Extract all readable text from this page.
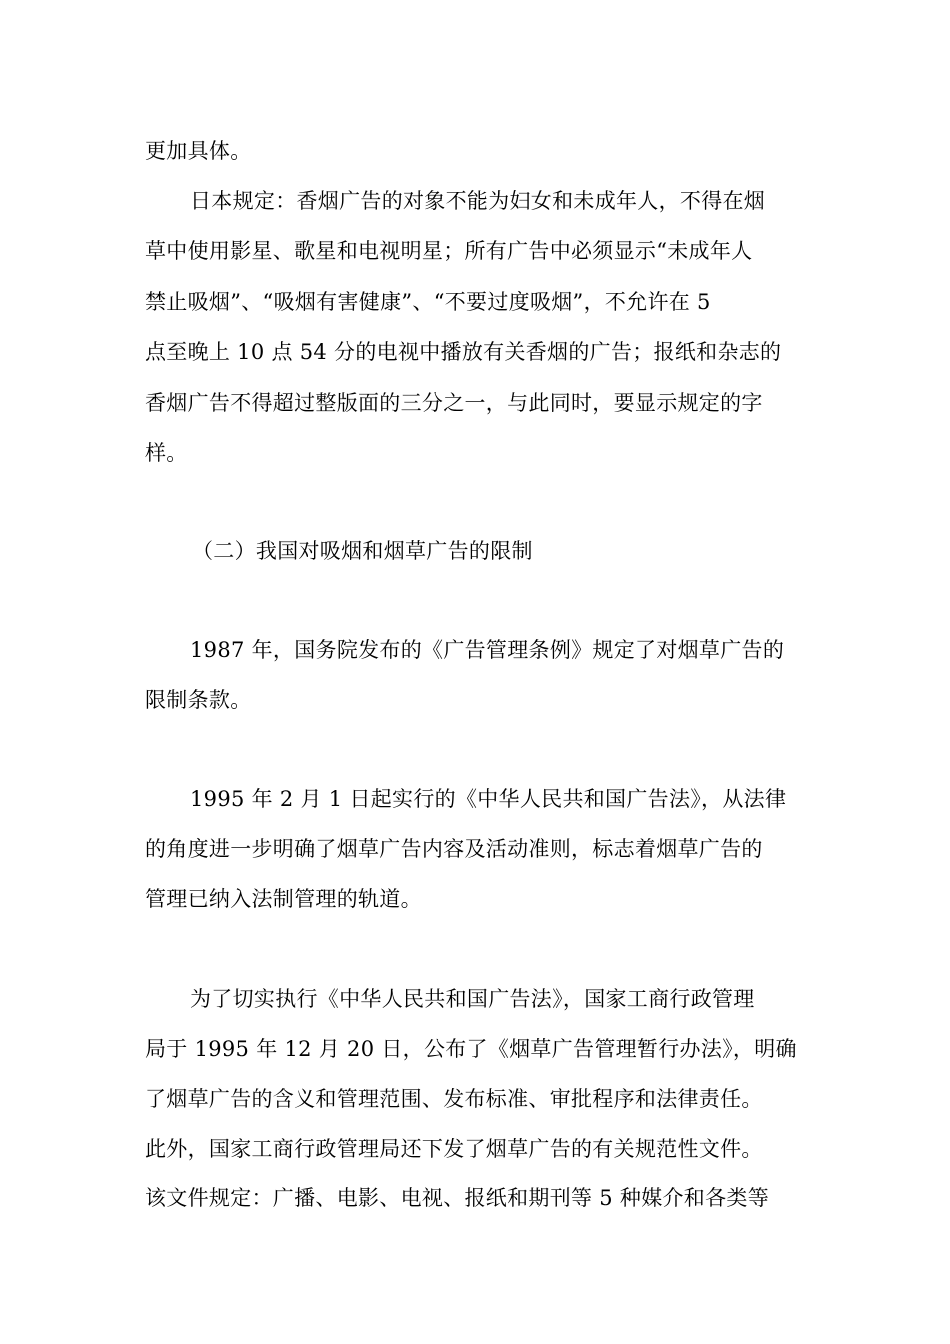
更加具体。
日本规定：香烟广告的对象不能为妇女和未成年人，不得在烟
草中使用影星、歌星和电视明星；所有广告中必须显示“未成年人
禁止吸烟”、“吸烟有害健康”、“不要过度吸烟”，不允许在 5
点至晚上 10 点 54 分的电视中播放有关香烟的广告；报纸和杂志的
香烟广告不得超过整版面的三分之一，与此同时，要显示规定的字
样。
（二）我国对吸烟和烟草广告的限制
1987 年，国务院发布的《广告管理条例》规定了对烟草广告的
限制条款。
1995 年 2 月 1 日起实行的《中华人民共和国广告法》，从法律
的角度进一步明确了烟草广告内容及活动准则，标志着烟草广告的
管理已纳入法制管理的轨道。
为了切实执行《中华人民共和国广告法》，国家工商行政管理
局于 1995 年 12 月 20 日，公布了《烟草广告管理暂行办法》，明确
了烟草广告的含义和管理范围、发布标准、审批程序和法律责任。
此外，国家工商行政管理局还下发了烟草广告的有关规范性文件。
该文件规定：广播、电影、电视、报纸和期刊等 5 种媒介和各类等
